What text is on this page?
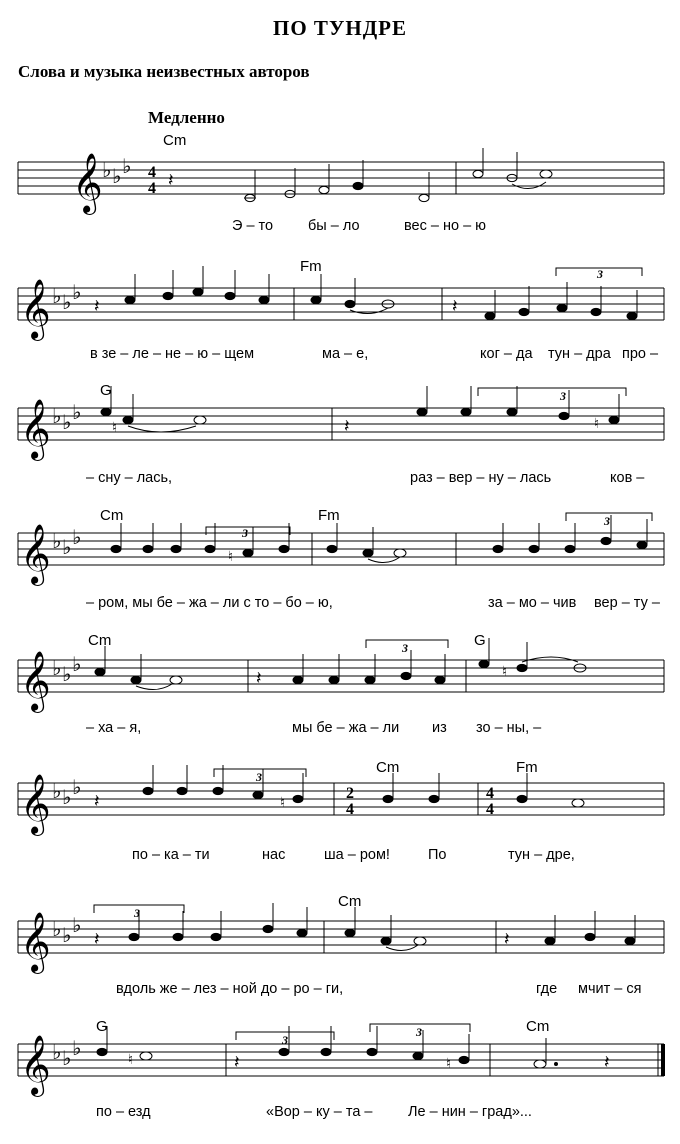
ПО ТУНДРЕ
Слова и музыка неизвестных авторов
Медленно
Cm
𝄞 ♭ ♭ ♭ 4
4 𝄽
Э – то бы – ло	вес – но – ю
Fm
𝄞 ♭ ♭ ♭
𝄽
3
𝄽
в зе – ле – не – ю – щем	ма – е,	ког – да тун – дра про –
G
𝄞 ♭ ♭ ♭
3
♮	𝄽	♮
– сну – лась,	раз – вер – ну – лась	ков –
Cm	Fm
𝄞 ♭ ♭ ♭	3
3
♮
– ром, мы бе – жа – ли с то – бо – ю,	за – мо – чив вер – ту –
Cm	G
𝄞 ♭ ♭ ♭
3
𝄽	♮
– ха – я,	мы бе – жа – ли из зо – ны, –
Cm	Fm
𝄞 ♭ ♭ ♭	3
2
4
4
4
𝄽	♮
по – ка – ти	нас	ша – ром!	По	тун – дре,
Cm
𝄞 ♭ ♭ ♭	3
𝄽	𝄽
вдоль же – лез – ной до – ро – ги,	где мчит – ся
G	Cm
𝄞 ♭ ♭ ♭	3
3
♮	𝄽	♮	𝄽
по – езд	«Вор – ку – та – Ле – нин – град»...
